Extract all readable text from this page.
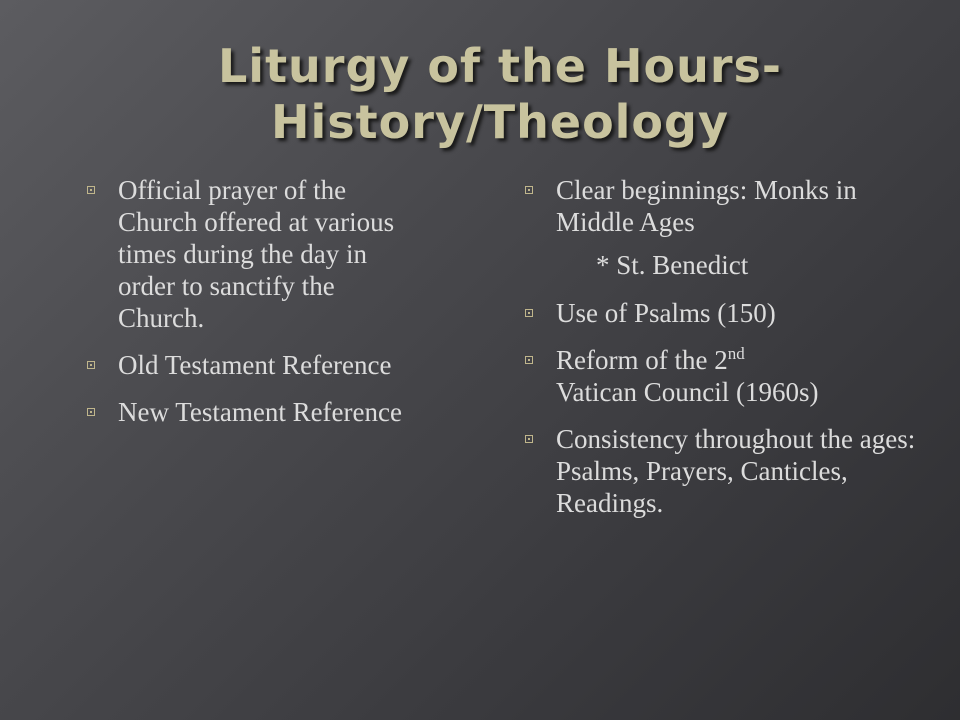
Liturgy of the Hours-
History/Theology
Official prayer of the Church offered at various times during the day in order to sanctify the Church.
Old Testament Reference
New Testament Reference
Clear beginnings: Monks in Middle Ages
* St. Benedict
Use of Psalms (150)
Reform of the 2nd
Vatican Council (1960s)
Consistency throughout the ages: Psalms, Prayers, Canticles, Readings.
